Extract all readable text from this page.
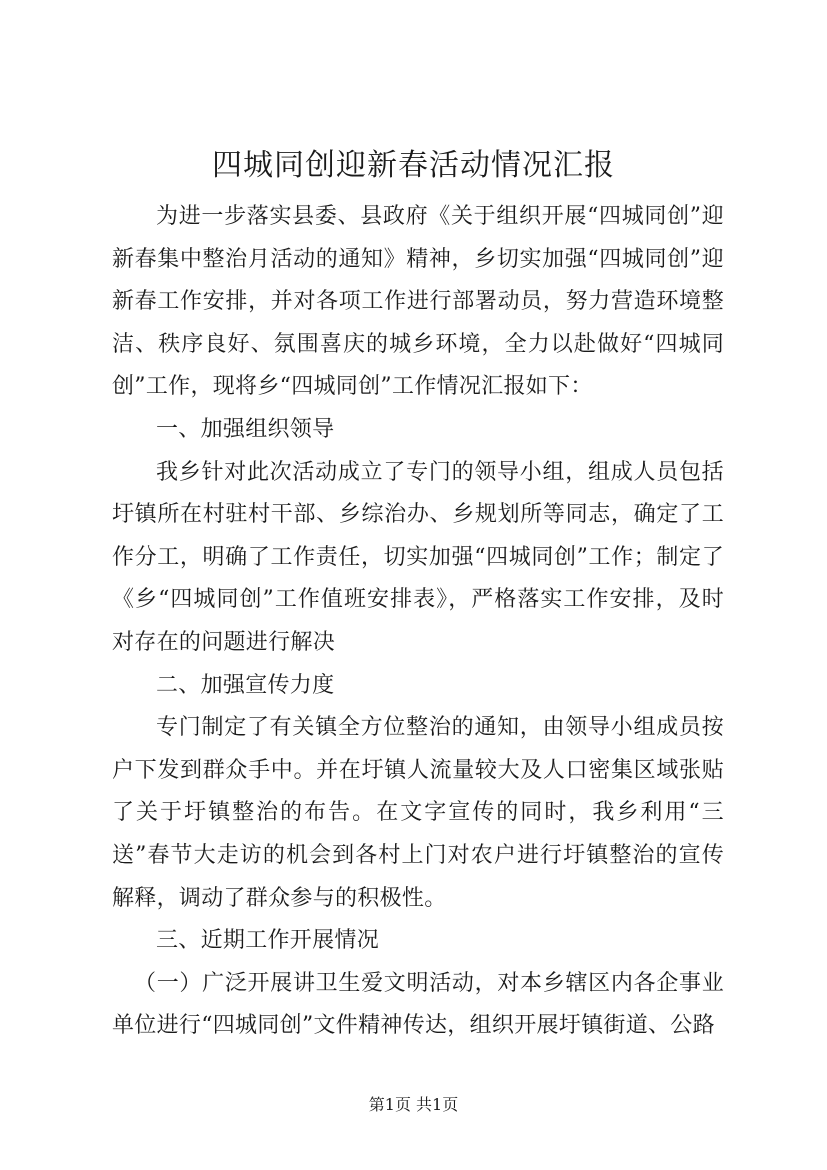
四城同创迎新春活动情况汇报

为进一步落实县委、县政府《关于组织开展“四城同创”迎新春集中整治月活动的通知》精神，乡切实加强“四城同创”迎新春工作安排，并对各项工作进行部署动员，努力营造环境整洁、秩序良好、氛围喜庆的城乡环境，全力以赴做好“四城同创”工作，现将乡“四城同创”工作情况汇报如下：

一、加强组织领导

我乡针对此次活动成立了专门的领导小组，组成人员包括圩镇所在村驻村干部、乡综治办、乡规划所等同志，确定了工作分工，明确了工作责任，切实加强“四城同创”工作；制定了《乡“四城同创”工作值班安排表》，严格落实工作安排，及时对存在的问题进行解决

二、加强宣传力度

专门制定了有关镇全方位整治的通知，由领导小组成员按户下发到群众手中。并在圩镇人流量较大及人口密集区域张贴了关于圩镇整治的布告。在文字宣传的同时，我乡利用“三送”春节大走访的机会到各村上门对农户进行圩镇整治的宣传解释，调动了群众参与的积极性。

三、近期工作开展情况

（一）广泛开展讲卫生爱文明活动，对本乡辖区内各企事业单位进行“四城同创”文件精神传达，组织开展圩镇街道、公路

第1页 共1页
